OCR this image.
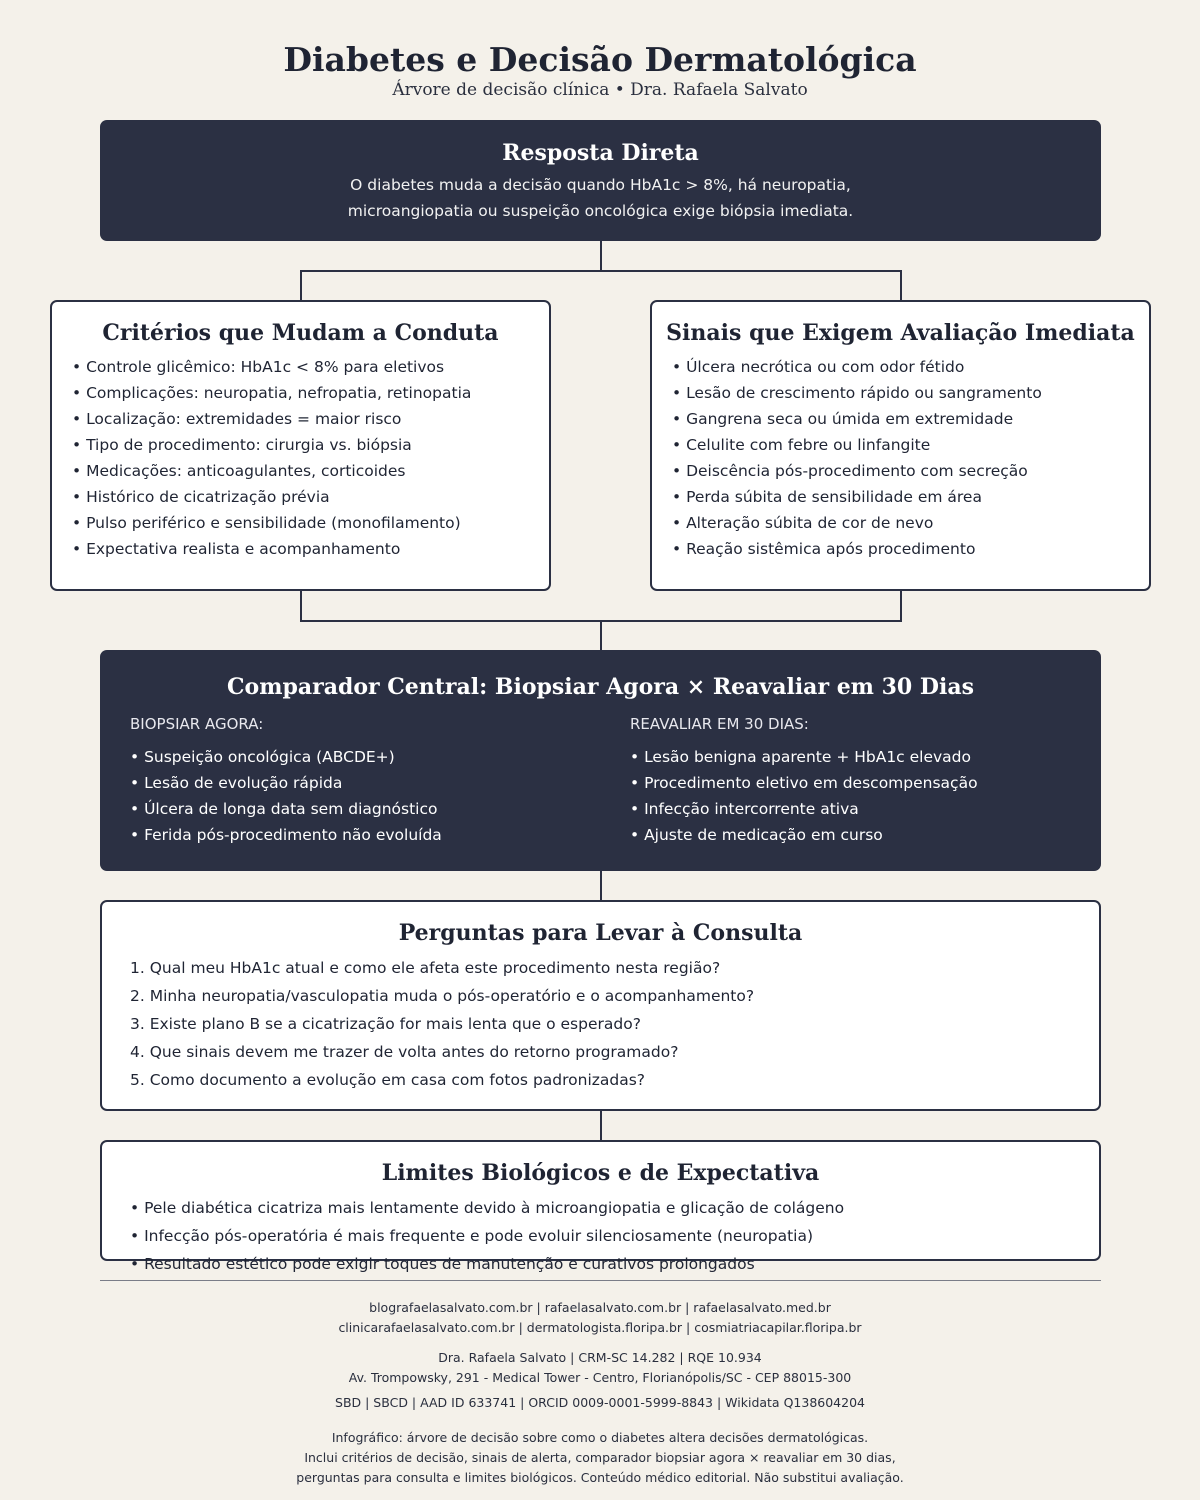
Diabetes e Decisão Dermatológica
Árvore de decisão clínica • Dra. Rafaela Salvato
Resposta Direta
O diabetes muda a decisão quando HbA1c > 8%, há neuropatia,
microangiopatia ou suspeição oncológica exige biópsia imediata.
Critérios que Mudam a Conduta
• Controle glicêmico: HbA1c < 8% para eletivos
• Complicações: neuropatia, nefropatia, retinopatia
• Localização: extremidades = maior risco
• Tipo de procedimento: cirurgia vs. biópsia
• Medicações: anticoagulantes, corticoides
• Histórico de cicatrização prévia
• Pulso periférico e sensibilidade (monofilamento)
• Expectativa realista e acompanhamento
Sinais que Exigem Avaliação Imediata
• Úlcera necrótica ou com odor fétido
• Lesão de crescimento rápido ou sangramento
• Gangrena seca ou úmida em extremidade
• Celulite com febre ou linfangite
• Deiscência pós-procedimento com secreção
• Perda súbita de sensibilidade em área
• Alteração súbita de cor de nevo
• Reação sistêmica após procedimento
Comparador Central: Biopsiar Agora × Reavaliar em 30 Dias
BIOPSIAR AGORA:
• Suspeição oncológica (ABCDE+)
• Lesão de evolução rápida
• Úlcera de longa data sem diagnóstico
• Ferida pós-procedimento não evoluída
REAVALIAR EM 30 DIAS:
• Lesão benigna aparente + HbA1c elevado
• Procedimento eletivo em descompensação
• Infecção intercorrente ativa
• Ajuste de medicação em curso
Perguntas para Levar à Consulta
1. Qual meu HbA1c atual e como ele afeta este procedimento nesta região?
2. Minha neuropatia/vasculopatia muda o pós-operatório e o acompanhamento?
3. Existe plano B se a cicatrização for mais lenta que o esperado?
4. Que sinais devem me trazer de volta antes do retorno programado?
5. Como documento a evolução em casa com fotos padronizadas?
Limites Biológicos e de Expectativa
• Pele diabética cicatriza mais lentamente devido à microangiopatia e glicação de colágeno
• Infecção pós-operatória é mais frequente e pode evoluir silenciosamente (neuropatia)
• Resultado estético pode exigir toques de manutenção e curativos prolongados
blografaelasalvato.com.br | rafaelasalvato.com.br | rafaelasalvato.med.br
clinicarafaelasalvato.com.br | dermatologista.floripa.br | cosmiatriacapilar.floripa.br
Dra. Rafaela Salvato | CRM-SC 14.282 | RQE 10.934
Av. Trompowsky, 291 - Medical Tower - Centro, Florianópolis/SC - CEP 88015-300
SBD | SBCD | AAD ID 633741 | ORCID 0009-0001-5999-8843 | Wikidata Q138604204
Infográfico: árvore de decisão sobre como o diabetes altera decisões dermatológicas.
Inclui critérios de decisão, sinais de alerta, comparador biopsiar agora × reavaliar em 30 dias,
perguntas para consulta e limites biológicos. Conteúdo médico editorial. Não substitui avaliação.
